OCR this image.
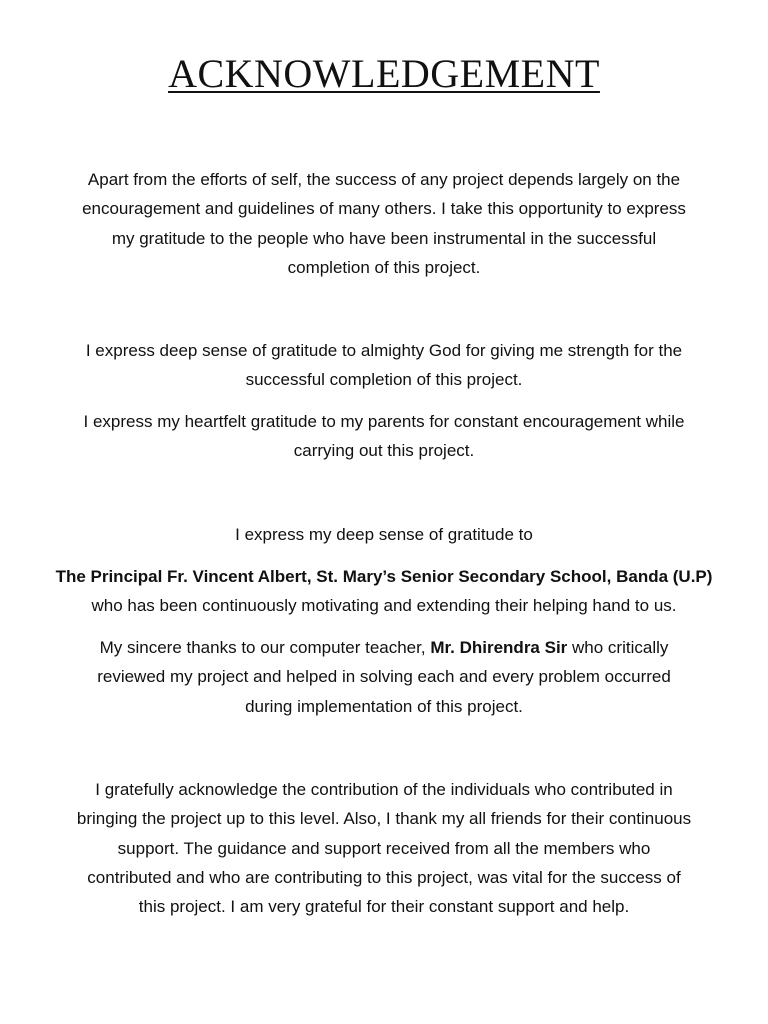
ACKNOWLEDGEMENT

Apart from the efforts of self, the success of any project depends largely on the
encouragement and guidelines of many others. I take this opportunity to express
my gratitude to the people who have been instrumental in the successful
completion of this project.

I express deep sense of gratitude to almighty God for giving me strength for the
successful completion of this project.

I express my heartfelt gratitude to my parents for constant encouragement while
carrying out this project.

I express my deep sense of gratitude to

The Principal Fr. Vincent Albert, St. Mary’s Senior Secondary School, Banda (U.P)
who has been continuously motivating and extending their helping hand to us.

My sincere thanks to our computer teacher, Mr. Dhirendra Sir who critically
reviewed my project and helped in solving each and every problem occurred
during implementation of this project.

I gratefully acknowledge the contribution of the individuals who contributed in
bringing the project up to this level. Also, I thank my all friends for their continuous
support. The guidance and support received from all the members who
contributed and who are contributing to this project, was vital for the success of
this project. I am very grateful for their constant support and help.
